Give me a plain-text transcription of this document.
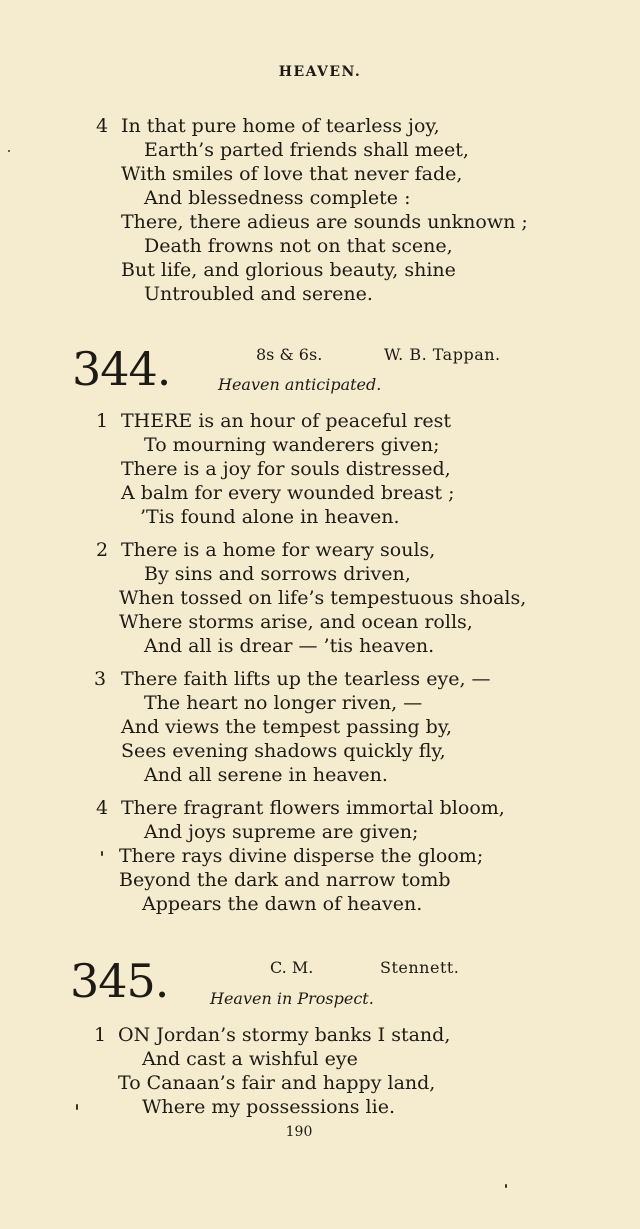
HEAVEN.
4 In that pure home of tearless joy,
Earth’s parted friends shall meet,
With smiles of love that never fade,
And blessedness complete :
There, there adieus are sounds unknown ;
Death frowns not on that scene,
But life, and glorious beauty, shine
Untroubled and serene.
344.	8s & 6s.	W. B. Tappan.
Heaven anticipated.
1 THERE is an hour of peaceful rest
To mourning wanderers given;
There is a joy for souls distressed,
A balm for every wounded breast ;
’Tis found alone in heaven.
2 There is a home for weary souls,
By sins and sorrows driven,
When tossed on life’s tempestuous shoals,
Where storms arise, and ocean rolls,
And all is drear — ’tis heaven.
3 There faith lifts up the tearless eye, —
The heart no longer riven, —
And views the tempest passing by,
Sees evening shadows quickly fly,
And all serene in heaven.
4 There fragrant flowers immortal bloom,
And joys supreme are given;
There rays divine disperse the gloom;
Beyond the dark and narrow tomb
Appears the dawn of heaven.
345.	C. M.	Stennett.
Heaven in Prospect.
1 ON Jordan’s stormy banks I stand,
And cast a wishful eye
To Canaan’s fair and happy land,
Where my possessions lie.
190
